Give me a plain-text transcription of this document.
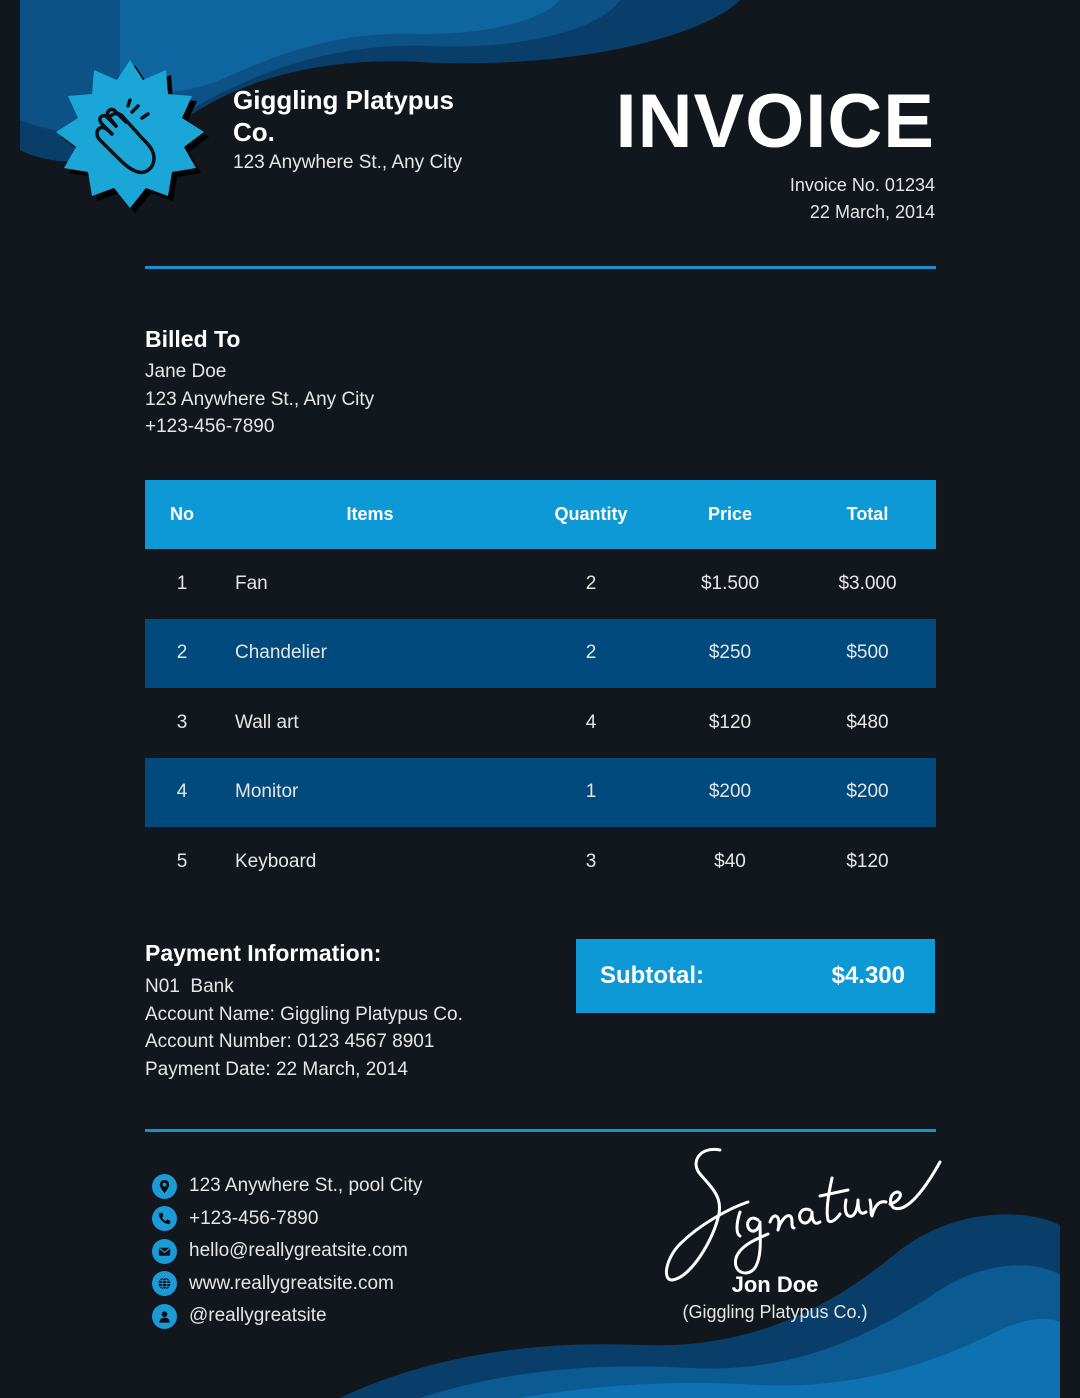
Giggling Platypus Co.
123 Anywhere St., Any City INVOICE
Invoice No. 01234
22 March, 2014
Billed To
Jane Doe
123 Anywhere St., Any City
+123-456-7890
No	Items	Quantity	Price	Total
1	Fan	2	$1.500	$3.000
2	Chandelier	2	$250	$500
3	Wall art	4	$120	$480
4	Monitor	1	$200	$200
5	Keyboard	3	$40	$120
Payment Information:
N01  Bank
Account Name: Giggling Platypus Co.
Account Number: 0123 4567 8901
Payment Date: 22 March, 2014
Subtotal:	$4.300
123 Anywhere St., pool City
+123-456-7890
hello@reallygreatsite.com
www.reallygreatsite.com
@reallygreatsite
Jon Doe
(Giggling Platypus Co.)
